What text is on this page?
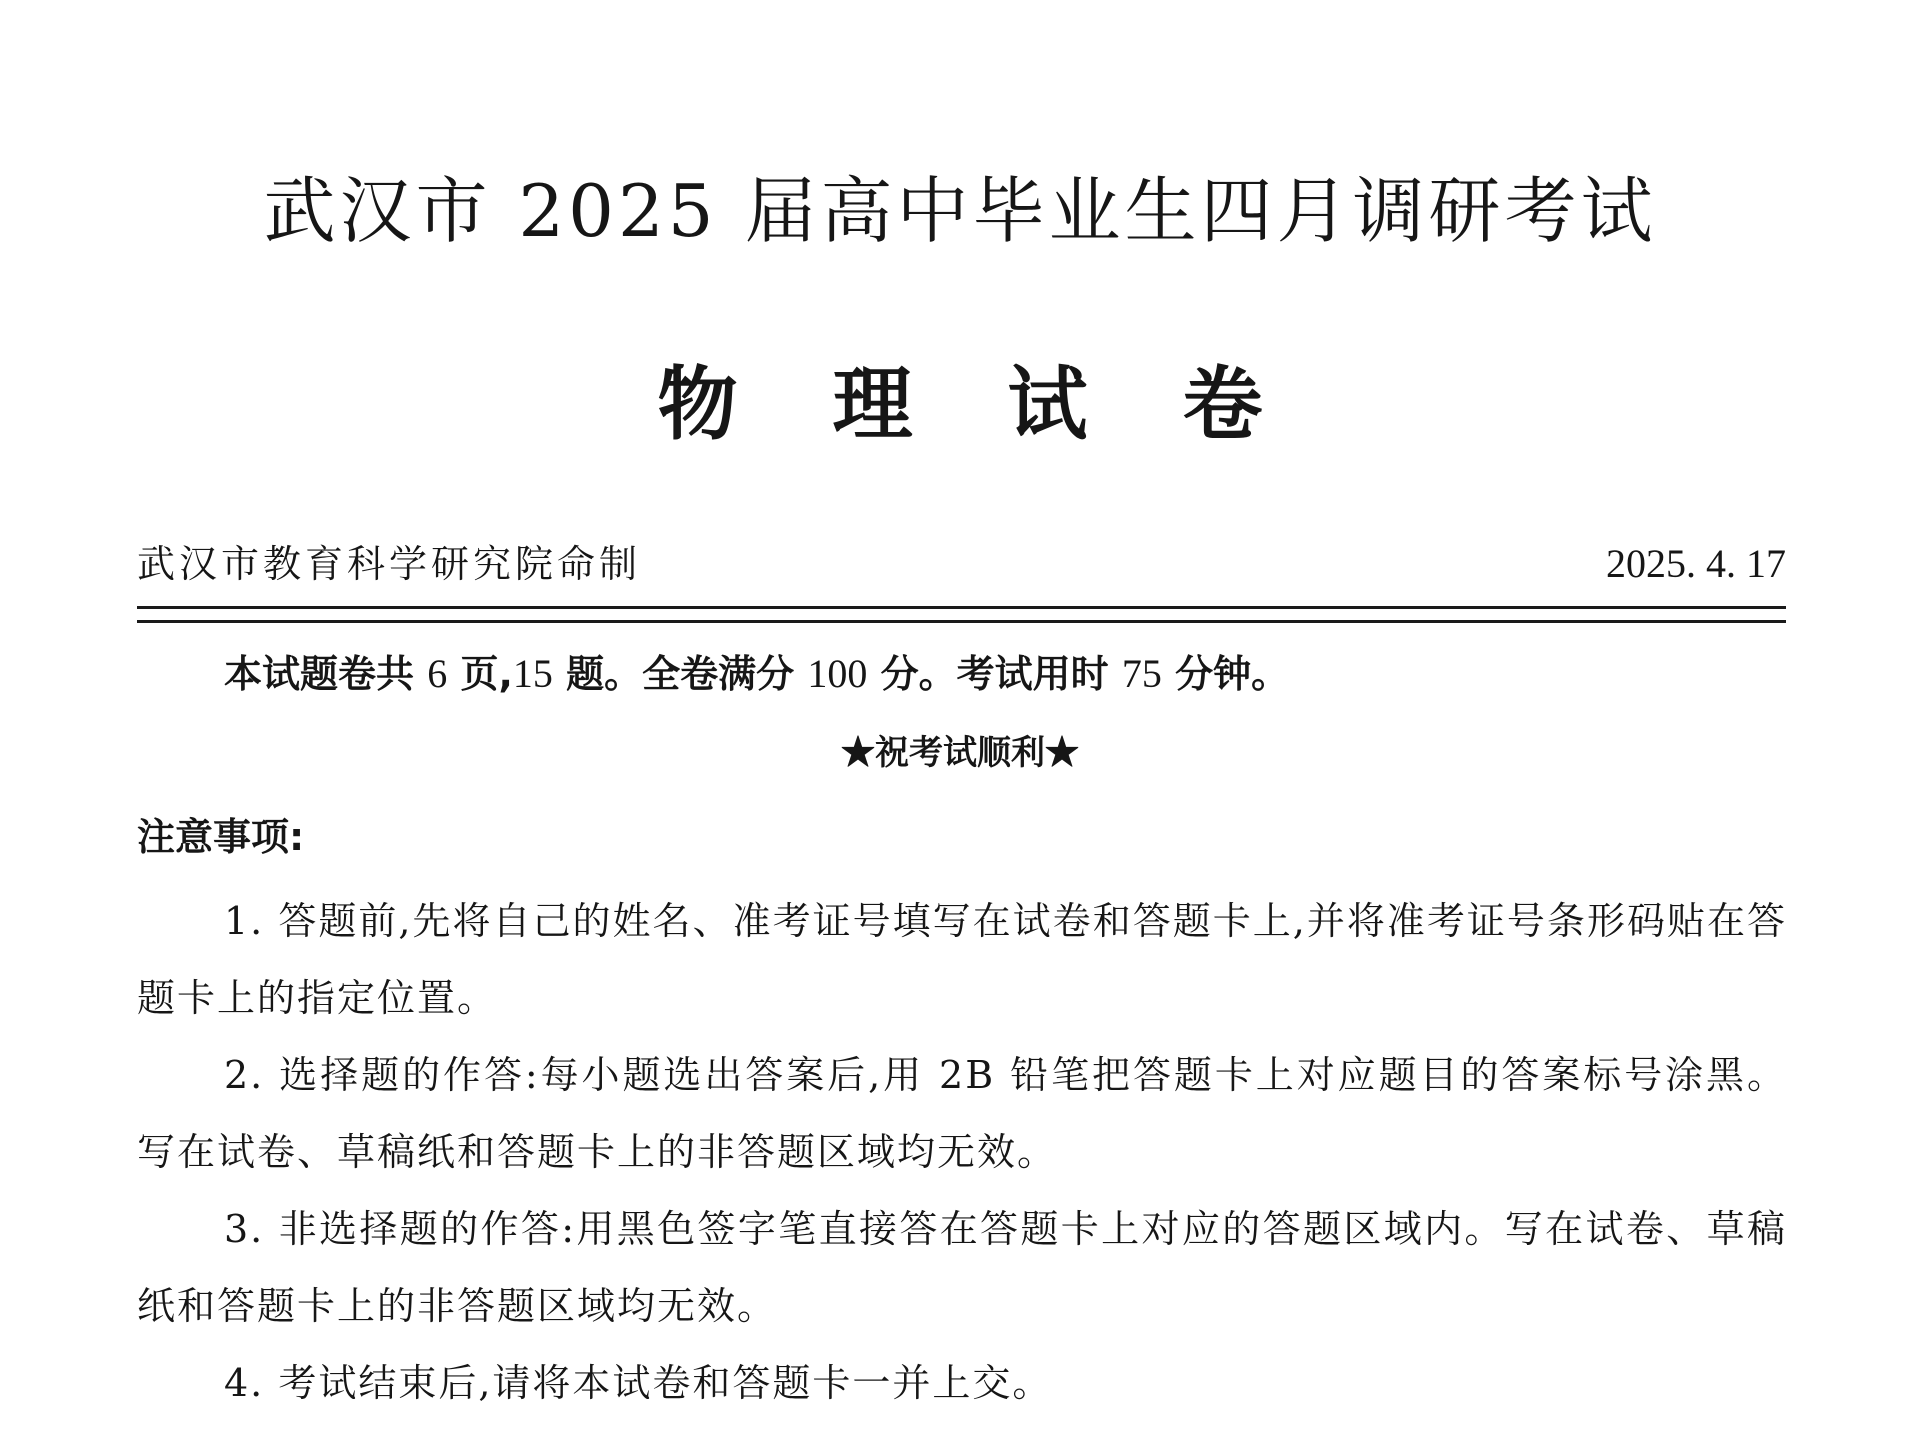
武汉市 2025 届高中毕业生四月调研考试
物理试卷
武汉市教育科学研究院命制	2025. 4. 17
本试题卷共 6 页,15 题。全卷满分 100 分。考试用时 75 分钟。
★祝考试顺利★
注意事项:

1. 答题前,先将自己的姓名、准考证号填写在试卷和答题卡上,并将准考证号条形码贴在答题卡上的指定位置。

2. 选择题的作答:每小题选出答案后,用 2B 铅笔把答题卡上对应题目的答案标号涂黑。写在试卷、草稿纸和答题卡上的非答题区域均无效。

3. 非选择题的作答:用黑色签字笔直接答在答题卡上对应的答题区域内。写在试卷、草稿纸和答题卡上的非答题区域均无效。

4. 考试结束后,请将本试卷和答题卡一并上交。
